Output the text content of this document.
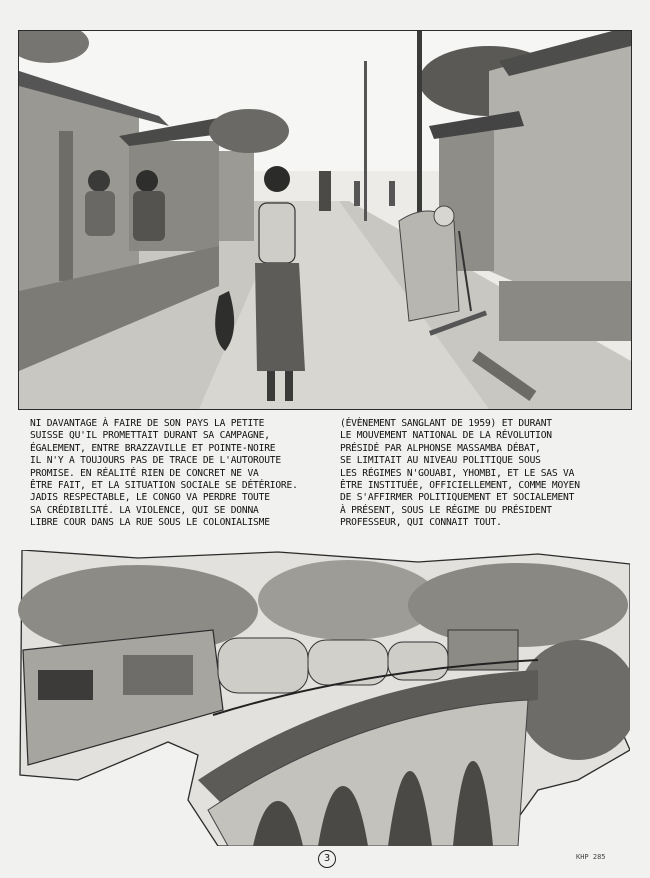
NI DAVANTAGE À FAIRE DE SON PAYS LA PETITE
SUISSE QU'IL PROMETTAIT DURANT SA CAMPAGNE,
ÉGALEMENT, ENTRE BRAZZAVILLE ET POINTE-NOIRE
IL N'Y A TOUJOURS PAS DE TRACE DE L'AUTOROUTE
PROMISE. EN RÉALITÉ RIEN DE CONCRET NE VA
ÊTRE FAIT, ET LA SITUATION SOCIALE SE DÉTÉRIORE.
JADIS RESPECTABLE, LE CONGO VA PERDRE TOUTE
SA CRÉDIBILITÉ. LA VIOLENCE, QUI SE DONNA
LIBRE COUR DANS LA RUE SOUS LE COLONIALISME
(ÉVÈNEMENT SANGLANT DE 1959) ET DURANT
LE MOUVEMENT NATIONAL DE LA RÉVOLUTION
PRÉSIDÉ PAR ALPHONSE MASSAMBA DÉBAT,
SE LIMITAIT AU NIVEAU POLITIQUE SOUS
LES RÉGIMES N'GOUABI, YHOMBI, ET LE SAS VA
ÊTRE INSTITUÉE, OFFICIELLEMENT, COMME MOYEN
DE S'AFFIRMER POLITIQUEMENT ET SOCIALEMENT
À PRÉSENT, SOUS LE RÉGIME DU PRÉSIDENT
PROFESSEUR, QUI CONNAIT TOUT.
3	KHP 285
